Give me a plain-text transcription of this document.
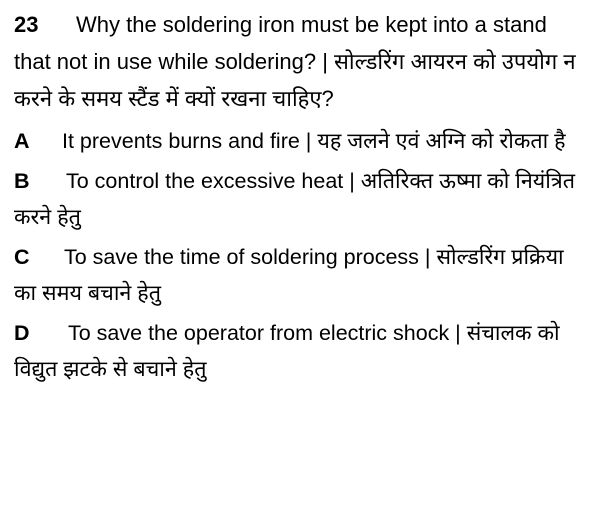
23 Why the soldering iron must be kept into a stand that not in use while soldering? | सोल्डरिंग आयरन को उपयोग न करने के समय स्टैंड में क्यों रखना चाहिए?

A It prevents burns and fire | यह जलने एवं अग्नि को रोकता है

B To control the excessive heat | अतिरिक्त ऊष्मा को नियंत्रित करने हेतु

C To save the time of soldering process | सोल्डरिंग प्रक्रिया का समय बचाने हेतु

D To save the operator from electric shock | संचालक को विद्युत झटके से बचाने हेतु
